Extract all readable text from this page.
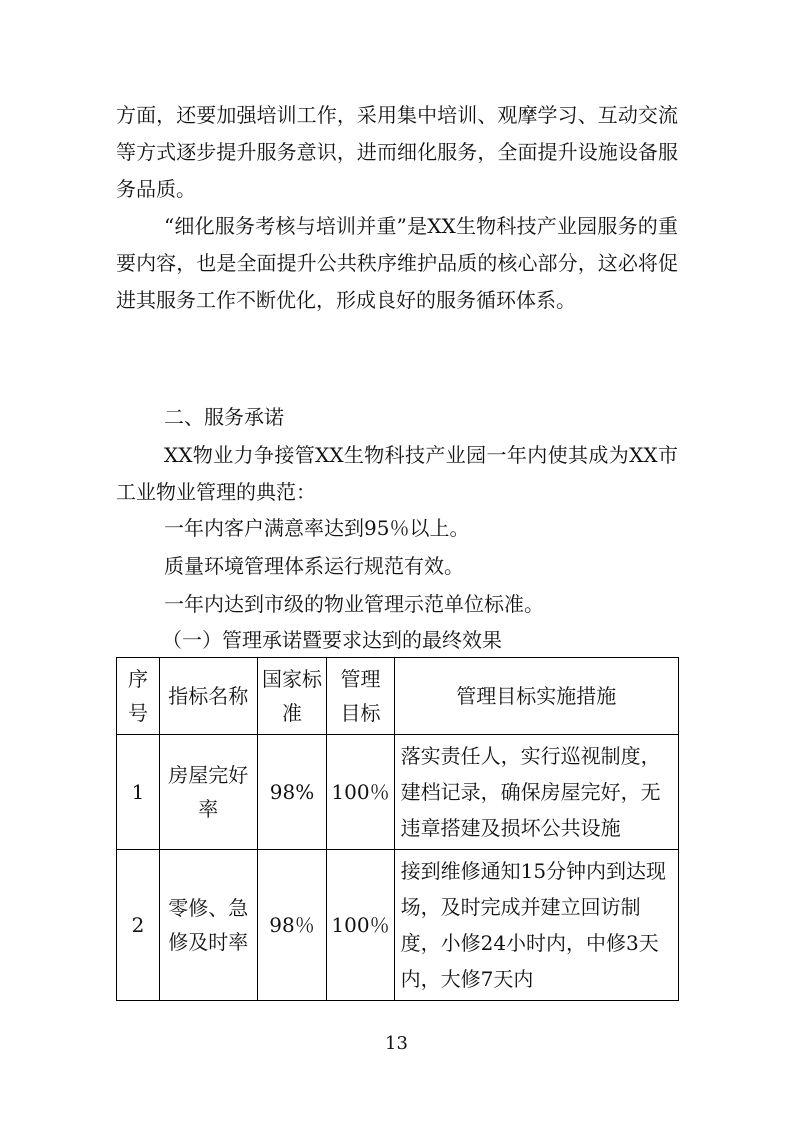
方面，还要加强培训工作，采用集中培训、观摩学习、互动交流等方式逐步提升服务意识，进而细化服务，全面提升设施设备服务品质。

“细化服务考核与培训并重”是XX生物科技产业园服务的重要内容，也是全面提升公共秩序维护品质的核心部分，这必将促进其服务工作不断优化，形成良好的服务循环体系。

二、服务承诺

XX物业力争接管XX生物科技产业园一年内使其成为XX市工业物业管理的典范：

一年内客户满意率达到95％以上。

质量环境管理体系运行规范有效。

一年内达到市级的物业管理示范单位标准。

（一）管理承诺暨要求达到的最终效果

序号	指标名称	国家标准	管理目标	管理目标实施措施
1	房屋完好率	98%	100％	落实责任人，实行巡视制度，建档记录，确保房屋完好，无违章搭建及损坏公共设施
2	零修、急修及时率	98％	100％	接到维修通知15分钟内到达现场，及时完成并建立回访制度，小修24小时内，中修3天内，大修7天内
13
